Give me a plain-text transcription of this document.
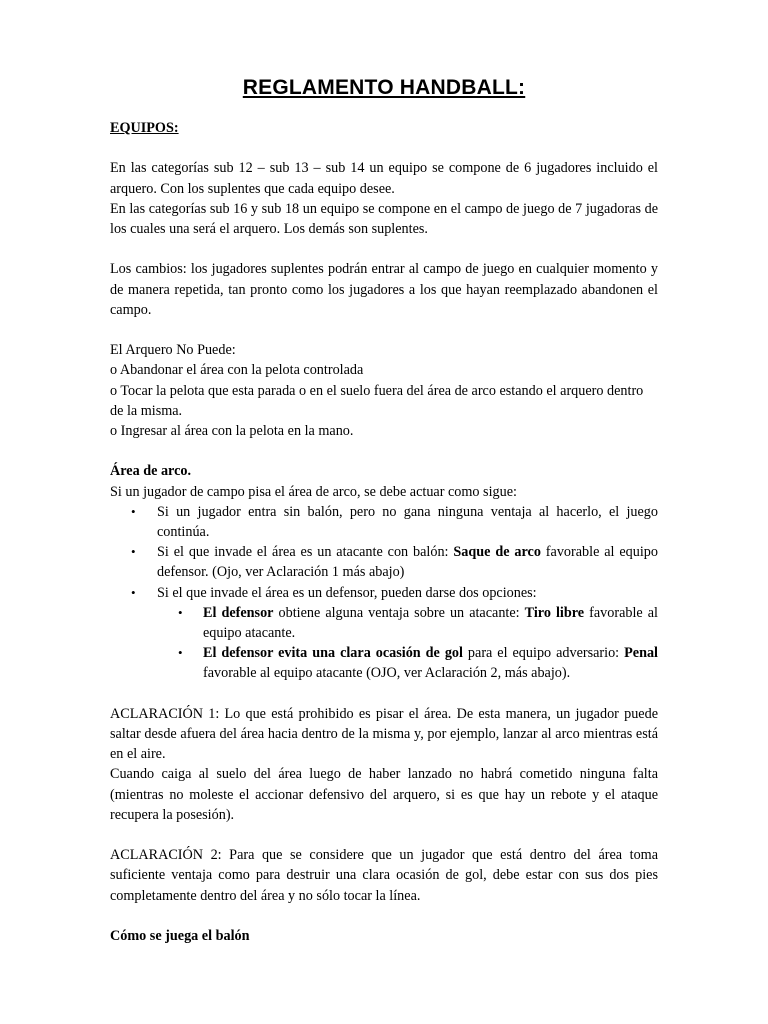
REGLAMENTO HANDBALL:

EQUIPOS:

En las categorías sub 12 – sub 13 – sub 14 un equipo se compone de 6 jugadores incluido el arquero. Con los suplentes que cada equipo desee.

En las categorías sub 16 y sub 18 un equipo se compone en el campo de juego de 7 jugadoras de los cuales una será el arquero. Los demás son suplentes.

Los cambios: los jugadores suplentes podrán entrar al campo de juego en cualquier momento y de manera repetida, tan pronto como los jugadores a los que hayan reemplazado abandonen el campo.

El Arquero No Puede:

o Abandonar el área con la pelota controlada

o Tocar la pelota que esta parada o en el suelo fuera del área de arco estando el arquero dentro de la misma.

o Ingresar al área con la pelota en la mano.

Área de arco.

Si un jugador de campo pisa el área de arco, se debe actuar como sigue:

• Si un jugador entra sin balón, pero no gana ninguna ventaja al hacerlo, el juego continúa.
• Si el que invade el área es un atacante con balón: Saque de arco favorable al equipo defensor. (Ojo, ver Aclaración 1 más abajo)
• Si el que invade el área es un defensor, pueden darse dos opciones:
• El defensor obtiene alguna ventaja sobre un atacante: Tiro libre favorable al equipo atacante.
• El defensor evita una clara ocasión de gol para el equipo adversario: Penal favorable al equipo atacante (OJO, ver Aclaración 2, más abajo).

ACLARACIÓN 1: Lo que está prohibido es pisar el área. De esta manera, un jugador puede saltar desde afuera del área hacia dentro de la misma y, por ejemplo, lanzar al arco mientras está en el aire.

Cuando caiga al suelo del área luego de haber lanzado no habrá cometido ninguna falta (mientras no moleste el accionar defensivo del arquero, si es que hay un rebote y el ataque recupera la posesión).

ACLARACIÓN 2: Para que se considere que un jugador que está dentro del área toma suficiente ventaja como para destruir una clara ocasión de gol, debe estar con sus dos pies completamente dentro del área y no sólo tocar la línea.

Cómo se juega el balón
